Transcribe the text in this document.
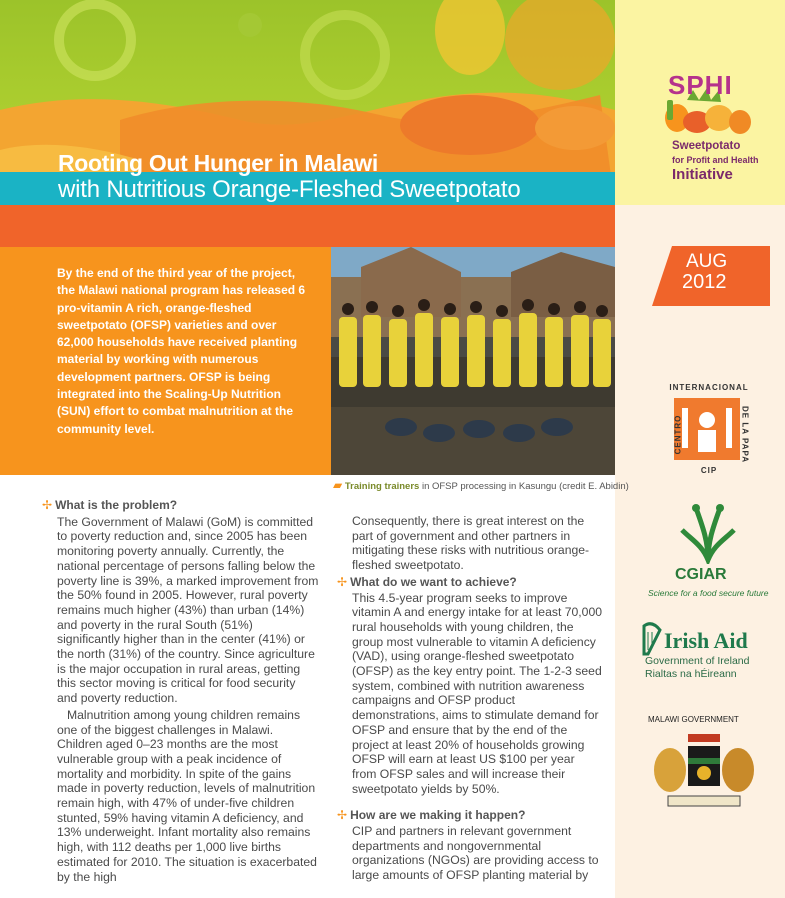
Rooting Out Hunger in Malawi
with Nutritious Orange-Fleshed Sweetpotato
SPHI
Sweetpotato
for Profit and Health
Initiative
AUG
2012
INTERNACIONAL
CENTRO	DE LA PAPA
CIP
CGIAR
Science for a food secure future
Irish Aid
Government of Ireland
Rialtas na hÉireann
MALAWI GOVERNMENT
By the end of the third year of the project, the Malawi national program has released 6 pro-vitamin A rich, orange-fleshed sweetpotato (OFSP) varieties and over 62,000 households have received planting material by working with numerous development partners. OFSP is being integrated into the Scaling-Up Nutrition (SUN) effort to combat malnutrition at the community level.
▰ Training trainers in OFSP processing in Kasungu (credit E. Abidin)
✢ What is the problem?

The Government of Malawi (GoM) is committed to poverty reduction and, since 2005 has been monitoring poverty annually. Currently, the national percentage of persons falling below the poverty line is 39%, a marked improvement from the 50% found in 2005. However, rural poverty remains much higher (43%) than urban (14%) and poverty in the rural South (51%) significantly higher than in the center (41%) or the north (31%) of the country. Since agriculture is the major occupation in rural areas, getting this sector moving is critical for food security and poverty reduction.

Malnutrition among young children remains one of the biggest challenges in Malawi. Children aged 0–23 months are the most vulnerable group with a peak incidence of mortality and morbidity. In spite of the gains made in poverty reduction, levels of malnutrition remain high, with 47% of under-five children stunted, 59% having vitamin A deficiency, and 13% underweight. Infant mortality also remains high, with 112 deaths per 1,000 live births estimated for 2010. The situation is exacerbated by the high

Consequently, there is great interest on the part of government and other partners in mitigating these risks with nutritious orange-fleshed sweetpotato.

✢ What do we want to achieve?

This 4.5-year program seeks to improve vitamin A and energy intake for at least 70,000 rural households with young children, the group most vulnerable to vitamin A deficiency (VAD), using orange-fleshed sweetpotato (OFSP) as the key entry point. The 1-2-3 seed system, combined with nutrition awareness campaigns and OFSP product demonstrations, aims to stimulate demand for OFSP and ensure that by the end of the project at least 20% of households growing OFSP will earn at least US $100 per year from OFSP sales and will increase their sweetpotato yields by 50%.

✢ How are we making it happen?

CIP and partners in relevant government departments and nongovernmental organizations (NGOs) are providing access to large amounts of OFSP planting material by
